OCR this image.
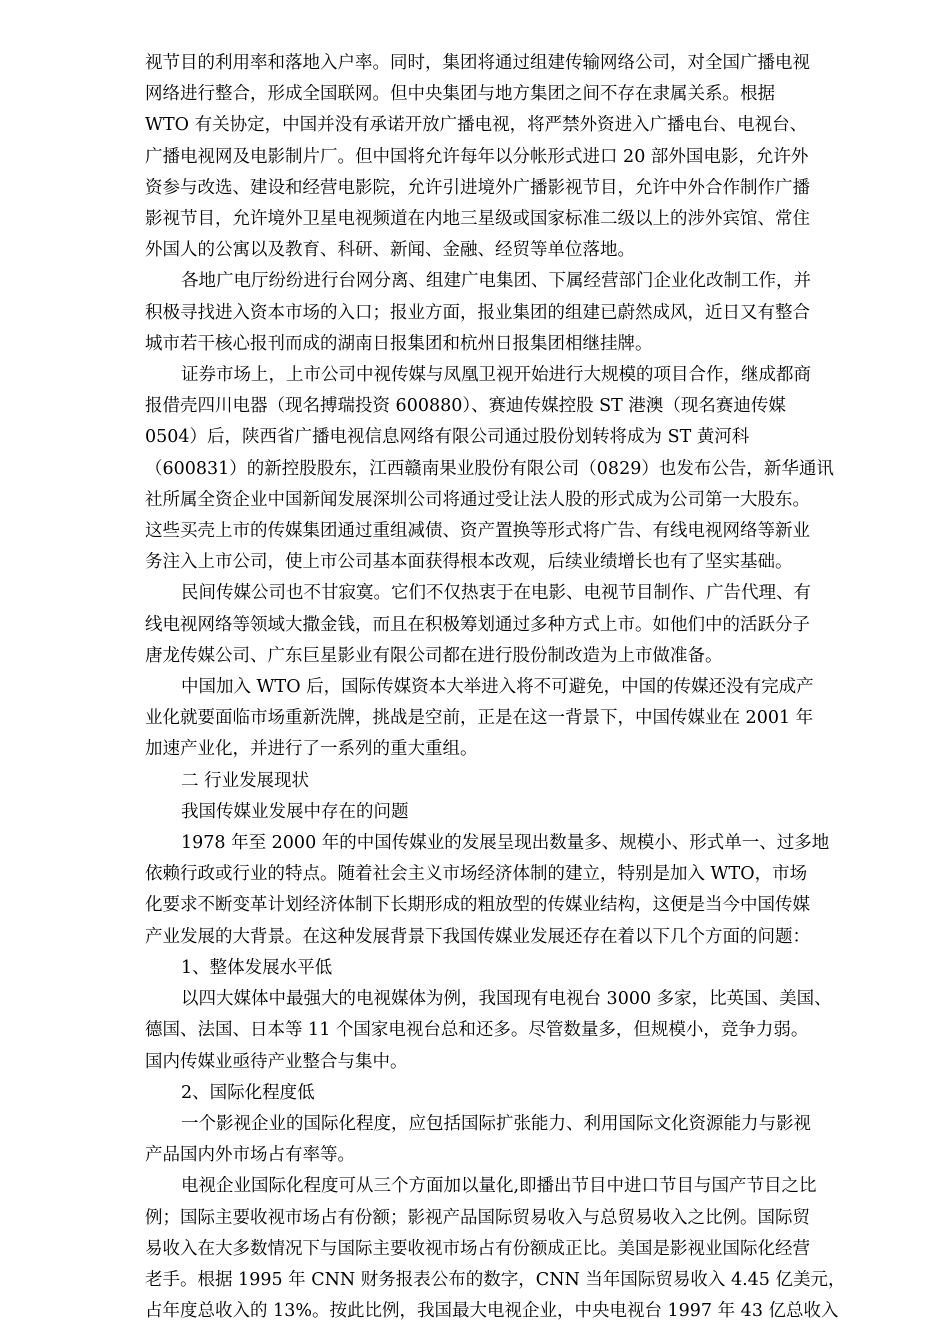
视节目的利用率和落地入户率。同时，集团将通过组建传输网络公司，对全国广播电视
网络进行整合，形成全国联网。但中央集团与地方集团之间不存在隶属关系。根据
WTO 有关协定，中国并没有承诺开放广播电视，将严禁外资进入广播电台、电视台、
广播电视网及电影制片厂。但中国将允许每年以分帐形式进口 20 部外国电影，允许外
资参与改选、建设和经营电影院，允许引进境外广播影视节目，允许中外合作制作广播
影视节目，允许境外卫星电视频道在内地三星级或国家标准二级以上的涉外宾馆、常住
外国人的公寓以及教育、科研、新闻、金融、经贸等单位落地。

各地广电厅纷纷进行台网分离、组建广电集团、下属经营部门企业化改制工作，并
积极寻找进入资本市场的入口；报业方面，报业集团的组建已蔚然成风，近日又有整合
城市若干核心报刊而成的湖南日报集团和杭州日报集团相继挂牌。

证券市场上，上市公司中视传媒与凤凰卫视开始进行大规模的项目合作，继成都商
报借壳四川电器（现名搏瑞投资 600880）、赛迪传媒控股 ST 港澳（现名赛迪传媒
0504）后，陕西省广播电视信息网络有限公司通过股份划转将成为 ST 黄河科
（600831）的新控股股东，江西赣南果业股份有限公司（0829）也发布公告，新华通讯
社所属全资企业中国新闻发展深圳公司将通过受让法人股的形式成为公司第一大股东。
这些买壳上市的传媒集团通过重组减债、资产置换等形式将广告、有线电视网络等新业
务注入上市公司，使上市公司基本面获得根本改观，后续业绩增长也有了坚实基础。

民间传媒公司也不甘寂寞。它们不仅热衷于在电影、电视节目制作、广告代理、有
线电视网络等领域大撒金钱，而且在积极筹划通过多种方式上市。如他们中的活跃分子
唐龙传媒公司、广东巨星影业有限公司都在进行股份制改造为上市做准备。

中国加入 WTO 后，国际传媒资本大举进入将不可避免，中国的传媒还没有完成产
业化就要面临市场重新洗牌，挑战是空前，正是在这一背景下，中国传媒业在 2001 年
加速产业化，并进行了一系列的重大重组。

二 行业发展现状

我国传媒业发展中存在的问题

1978 年至 2000 年的中国传媒业的发展呈现出数量多、规模小、形式单一、过多地
依赖行政或行业的特点。随着社会主义市场经济体制的建立，特别是加入 WTO，市场
化要求不断变革计划经济体制下长期形成的粗放型的传媒业结构，这便是当今中国传媒
产业发展的大背景。在这种发展背景下我国传媒业发展还存在着以下几个方面的问题：

1、整体发展水平低

以四大媒体中最强大的电视媒体为例，我国现有电视台 3000 多家，比英国、美国、
德国、法国、日本等 11 个国家电视台总和还多。尽管数量多，但规模小，竞争力弱。
国内传媒业亟待产业整合与集中。

2、国际化程度低

一个影视企业的国际化程度，应包括国际扩张能力、利用国际文化资源能力与影视
产品国内外市场占有率等。

电视企业国际化程度可从三个方面加以量化,即播出节目中进口节目与国产节目之比
例；国际主要收视市场占有份额；影视产品国际贸易收入与总贸易收入之比例。国际贸
易收入在大多数情况下与国际主要收视市场占有份额成正比。美国是影视业国际化经营
老手。根据 1995 年 CNN 财务报表公布的数字，CNN 当年国际贸易收入 4.45 亿美元，
占年度总收入的 13%。按此比例，我国最大电视企业，中央电视台 1997 年 43 亿总收入
